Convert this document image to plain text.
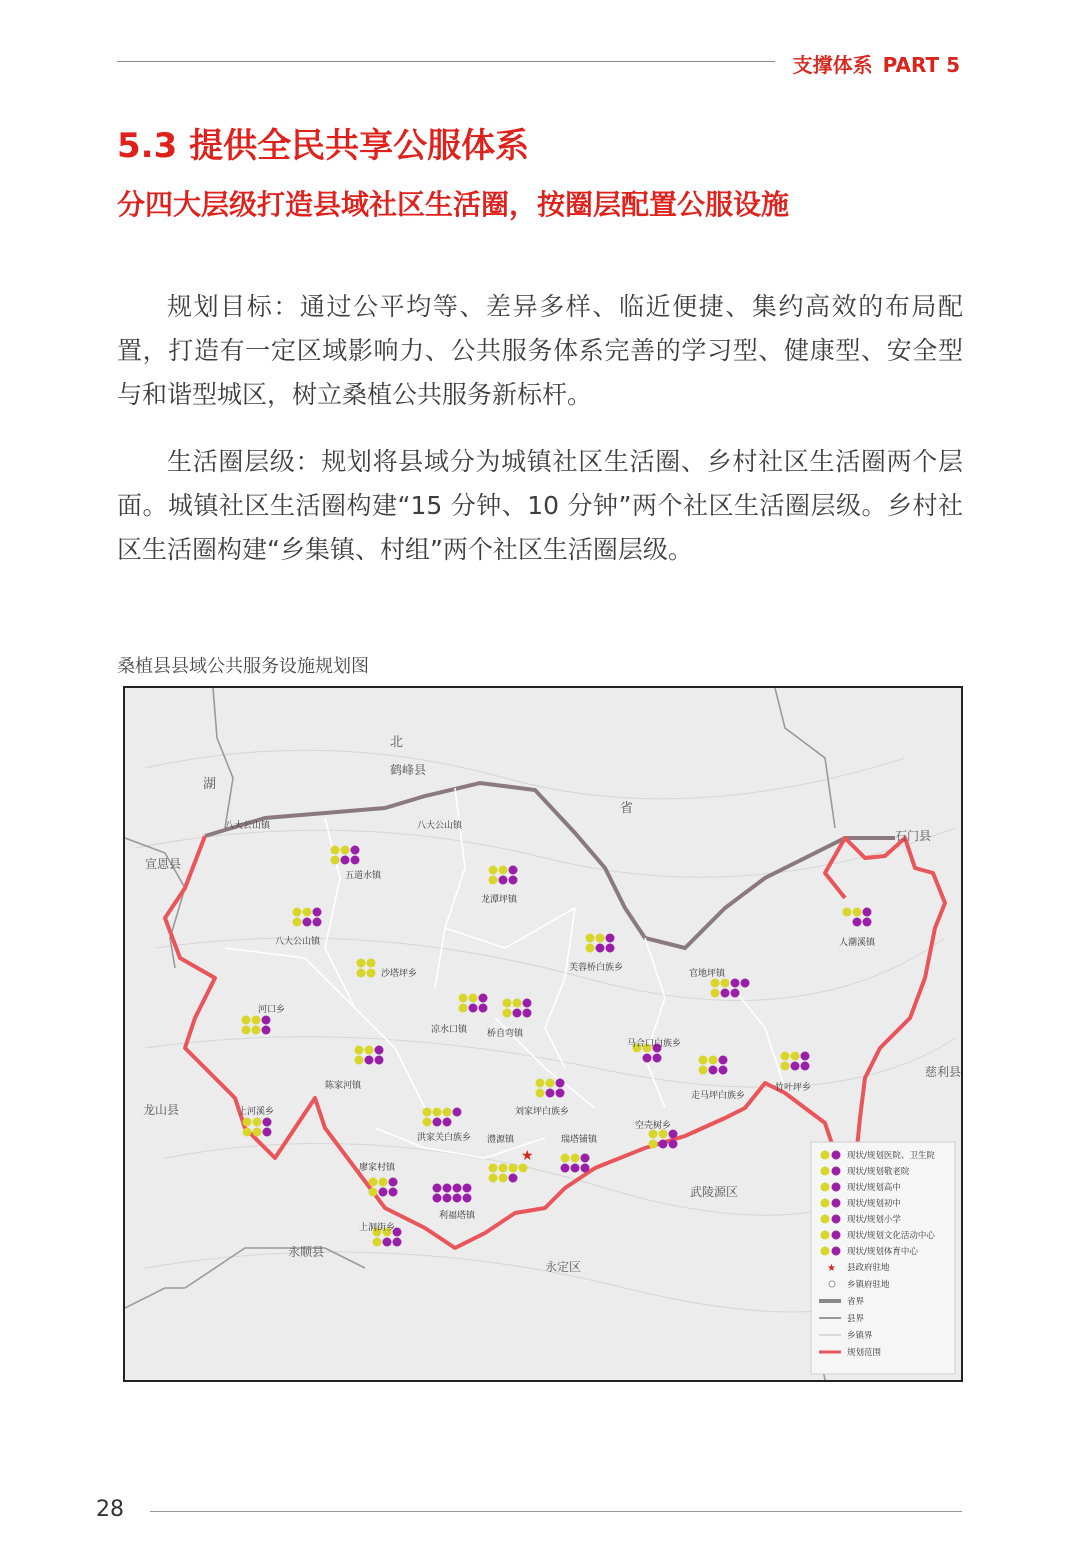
支撑体系 PART 5
5.3 提供全民共享公服体系
分四大层级打造县域社区生活圈，按圈层配置公服设施

规划目标：通过公平均等、差异多样、临近便捷、集约高效的布局配置，打造有一定区域影响力、公共服务体系完善的学习型、健康型、安全型与和谐型城区，树立桑植公共服务新标杆。

生活圈层级：规划将县域分为城镇社区生活圈、乡村社区生活圈两个层面。城镇社区生活圈构建“15 分钟、10 分钟”两个社区生活圈层级。乡村社区生活圈构建“乡集镇、村组”两个社区生活圈层级。

桑植县县域公共服务设施规划图
北
鹤峰县
湖
省
宣恩县
石门县
龙山县
慈利县
永顺县
永定区
武陵源区
★
八大公山镇	八大公山镇
五道水镇
龙潭坪镇
八大公山镇	人潮溪镇
芙蓉桥白族乡
沙塔坪乡	官地坪镇
河口乡
凉水口镇 桥自弯镇
马合口白族乡
陈家河镇
走马坪白族乡
竹叶坪乡
刘家坪白族乡
上河溪乡
洪家关白族乡 澧源镇	瑞塔铺镇
空壳树乡
廖家村镇
利福塔镇
上洞街乡
现状/规划医院、卫生院
现状/规划敬老院
现状/规划高中
现状/规划初中
现状/规划小学
现状/规划文化活动中心
现状/规划体育中心
★ 县政府驻地
乡镇府驻地
省界
县界
乡镇界
规划范围
28
